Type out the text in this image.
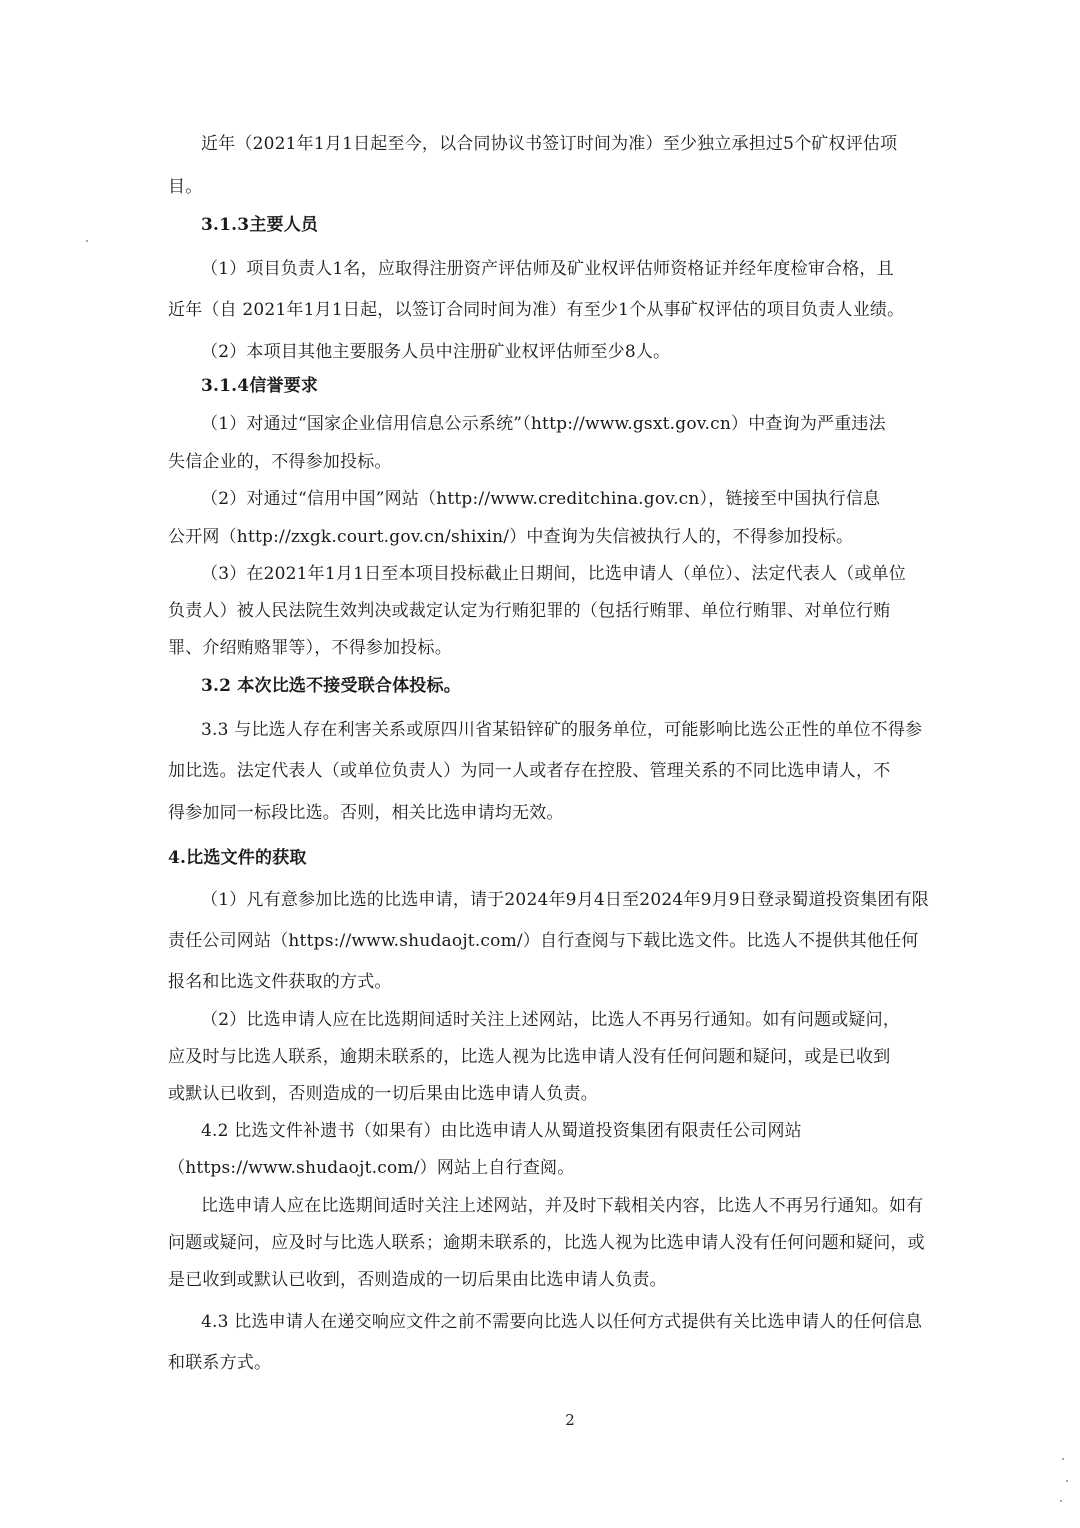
近年（2021年1月1日起至今，以合同协议书签订时间为准）至少独立承担过5个矿权评估项
目。
3.1.3主要人员
（1）项目负责人1名，应取得注册资产评估师及矿业权评估师资格证并经年度检审合格，且
近年（自 2021年1月1日起，以签订合同时间为准）有至少1个从事矿权评估的项目负责人业绩。
（2）本项目其他主要服务人员中注册矿业权评估师至少8人。
3.1.4信誉要求
（1）对通过“国家企业信用信息公示系统”（http://www.gsxt.gov.cn）中查询为严重违法
失信企业的，不得参加投标。
（2）对通过“信用中国”网站（http://www.creditchina.gov.cn），链接至中国执行信息
公开网（http://zxgk.court.gov.cn/shixin/）中查询为失信被执行人的，不得参加投标。
（3）在2021年1月1日至本项目投标截止日期间，比选申请人（单位）、法定代表人（或单位
负责人）被人民法院生效判决或裁定认定为行贿犯罪的（包括行贿罪、单位行贿罪、对单位行贿
罪、介绍贿赂罪等），不得参加投标。
3.2 本次比选不接受联合体投标。
3.3 与比选人存在利害关系或原四川省某铅锌矿的服务单位，可能影响比选公正性的单位不得参
加比选。法定代表人（或单位负责人）为同一人或者存在控股、管理关系的不同比选申请人，不
得参加同一标段比选。否则，相关比选申请均无效。
4.比选文件的获取
（1）凡有意参加比选的比选申请，请于2024年9月4日至2024年9月9日登录蜀道投资集团有限
责任公司网站（https://www.shudaojt.com/）自行查阅与下载比选文件。比选人不提供其他任何
报名和比选文件获取的方式。
（2）比选申请人应在比选期间适时关注上述网站，比选人不再另行通知。如有问题或疑问，
应及时与比选人联系，逾期未联系的，比选人视为比选申请人没有任何问题和疑问，或是已收到
或默认已收到，否则造成的一切后果由比选申请人负责。
4.2 比选文件补遗书（如果有）由比选申请人从蜀道投资集团有限责任公司网站
（https://www.shudaojt.com/）网站上自行查阅。
比选申请人应在比选期间适时关注上述网站，并及时下载相关内容，比选人不再另行通知。如有
问题或疑问，应及时与比选人联系；逾期未联系的，比选人视为比选申请人没有任何问题和疑问，或
是已收到或默认已收到，否则造成的一切后果由比选申请人负责。
4.3 比选申请人在递交响应文件之前不需要向比选人以任何方式提供有关比选申请人的任何信息
和联系方式。
2
